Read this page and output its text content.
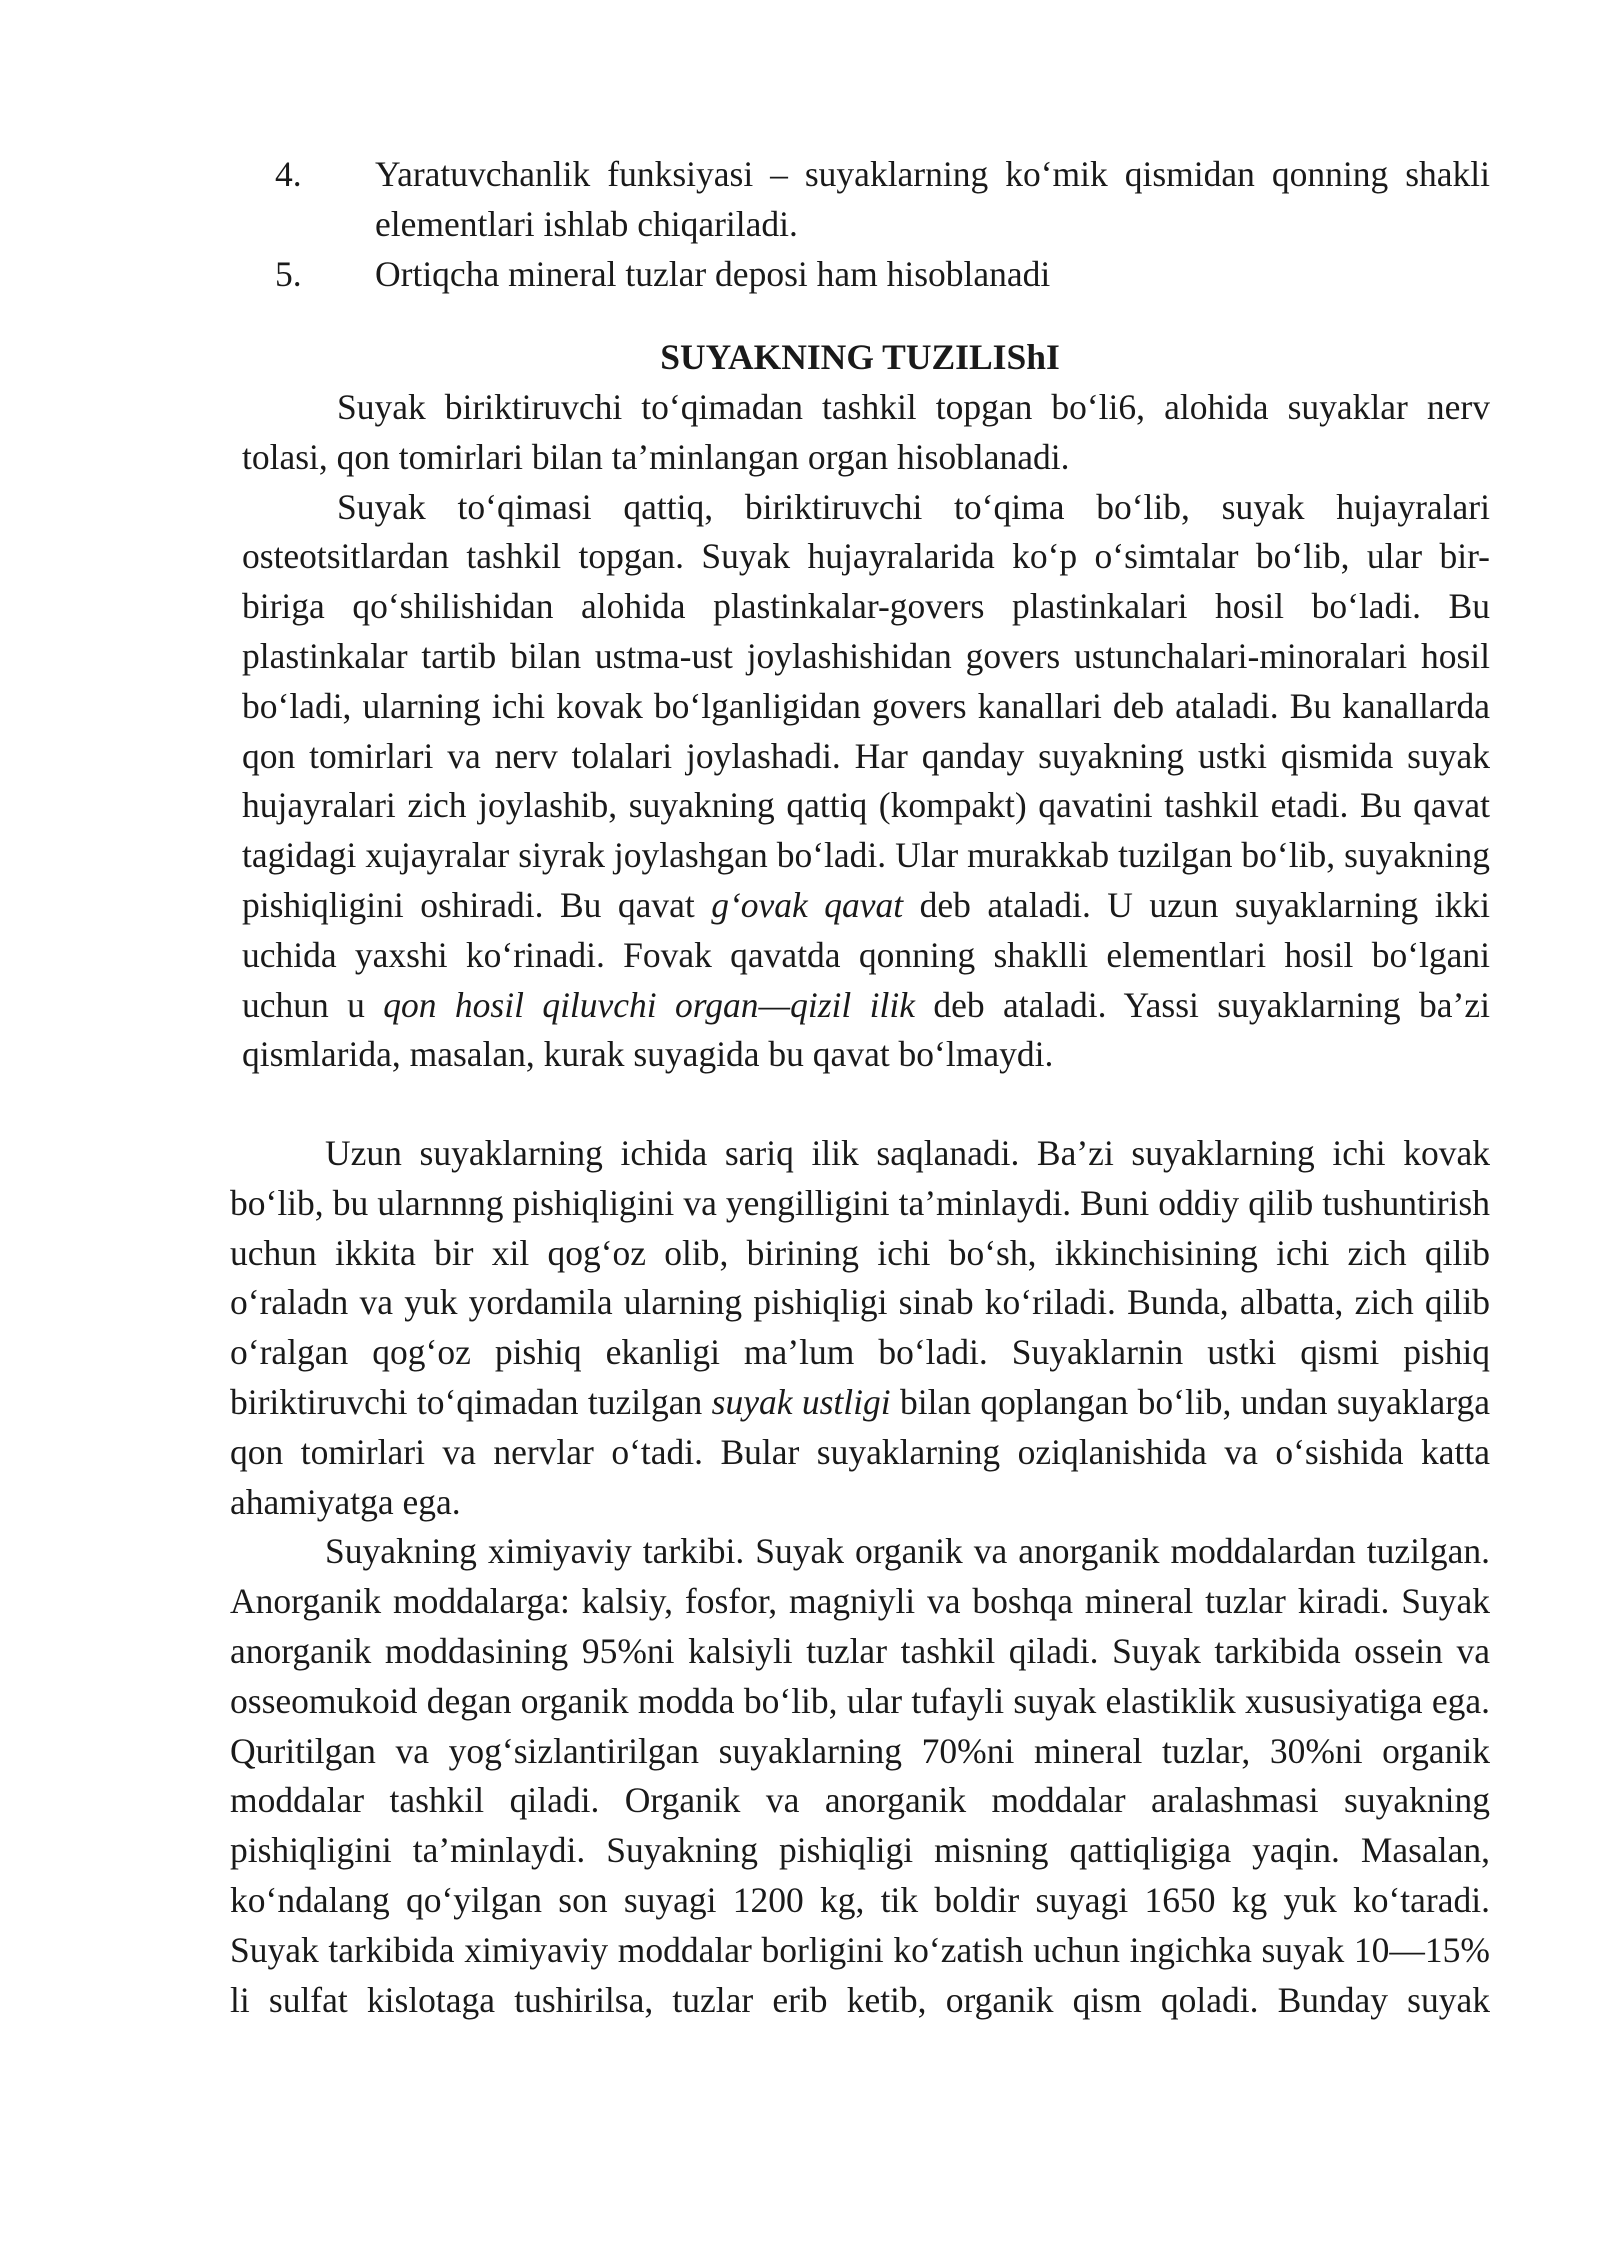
4.	Yaratuvchanlik funksiyasi – suyaklarning ko‘mik qismidan qonning shakli elementlari ishlab chiqariladi.
5.	Ortiqcha mineral tuzlar deposi ham hisoblanadi
SUYAKNING TUZILIShI

Suyak biriktiruvchi to‘qimadan tashkil topgan bo‘li6, alohida suyaklar nerv tolasi, qon tomirlari bilan ta’minlangan organ hisoblanadi.

Suyak to‘qimasi qattiq, biriktiruvchi to‘qima bo‘lib, suyak hujayralari osteotsitlardan tashkil topgan. Suyak hujayralarida ko‘p o‘simtalar bo‘lib, ular bir-biriga qo‘shilishidan alohida plastinkalar-govers plastinkalari hosil bo‘ladi. Bu plastinkalar tartib bilan ustma-ust joylashishidan govers ustunchalari-minoralari hosil bo‘ladi, ularning ichi kovak bo‘lganligidan govers kanallari deb ataladi. Bu kanallarda qon tomirlari va nerv tolalari joylashadi. Har qanday suyakning ustki qismida suyak hujayralari zich joylashib, suyakning qattiq (kompakt) qavatini tashkil etadi. Bu qavat tagidagi xujayralar siyrak joylashgan bo‘ladi. Ular murakkab tuzilgan bo‘lib, suyakning pishiqligini oshiradi. Bu qavat g‘ovak qavat deb ataladi. U uzun suyaklarning ikki uchida yaxshi ko‘rinadi. Fovak qavatda qonning shaklli elementlari hosil bo‘lgani uchun u qon hosil qiluvchi organ—qizil ilik deb ataladi. Yassi suyaklarning ba’zi qismlarida, masalan, kurak suyagida bu qavat bo‘lmaydi.

Uzun suyaklarning ichida sariq ilik saqlanadi. Ba’zi suyaklarning ichi kovak bo‘lib, bu ularnnng pishiqligini va yengilligini ta’minlaydi. Buni oddiy qilib tushuntirish uchun ikkita bir xil qog‘oz olib, birining ichi bo‘sh, ikkinchisining ichi zich qilib o‘raladn va yuk yordamila ularning pishiqligi sinab ko‘riladi. Bunda, albatta, zich qilib o‘ralgan qog‘oz pishiq ekanligi ma’lum bo‘ladi. Suyaklarnin ustki qismi pishiq biriktiruvchi to‘qimadan tuzilgan suyak ustligi bilan qoplangan bo‘lib, undan suyaklarga qon tomirlari va nervlar o‘tadi. Bular suyaklarning oziqlanishida va o‘sishida katta ahamiyatga ega.

Suyakning ximiyaviy tarkibi. Suyak organik va anorganik moddalardan tuzilgan. Anorganik moddalarga: kalsiy, fosfor, magniyli va boshqa mineral tuzlar kiradi. Suyak anorganik moddasining 95%ni kalsiyli tuzlar tashkil qiladi. Suyak tarkibida ossein va osseomukoid degan organik modda bo‘lib, ular tufayli suyak elastiklik xususiyatiga ega. Quritilgan va yog‘sizlantirilgan suyaklarning 70%ni mineral tuzlar, 30%ni organik moddalar tashkil qiladi. Organik va anorganik moddalar aralashmasi suyakning pishiqligini ta’minlaydi. Suyakning pishiqligi misning qattiqligiga yaqin. Masalan, ko‘ndalang qo‘yilgan son suyagi 1200 kg, tik boldir suyagi 1650 kg yuk ko‘taradi. Suyak tarkibida ximiyaviy moddalar borligini ko‘zatish uchun ingichka suyak 10—15% li sulfat kislotaga tushirilsa, tuzlar erib ketib, organik qism qoladi. Bunday suyak
